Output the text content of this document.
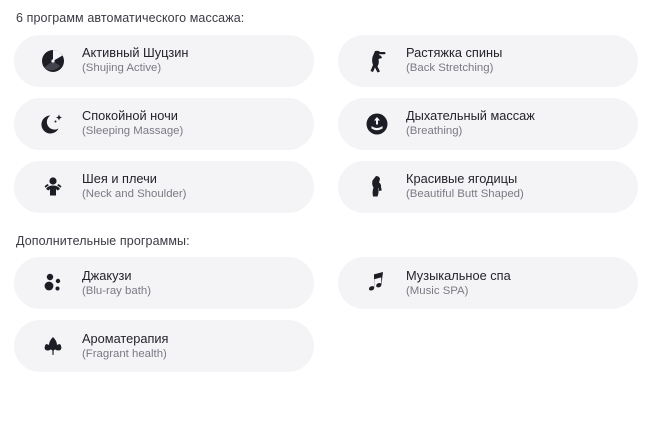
6 программ автоматического массажа:
Активный Шуцзин
(Shujing Active)
Растяжка спины
(Back Stretching)
Спокойной ночи
(Sleeping Massage)
Дыхательный массаж
(Breathing)
Шея и плечи
(Neck and Shoulder)
Красивые ягодицы
(Beautiful Butt Shaped)
Дополнительные программы:
Джакузи
(Blu-ray bath)
Музыкальное спа
(Music SPA)
Ароматерапия
(Fragrant health)
